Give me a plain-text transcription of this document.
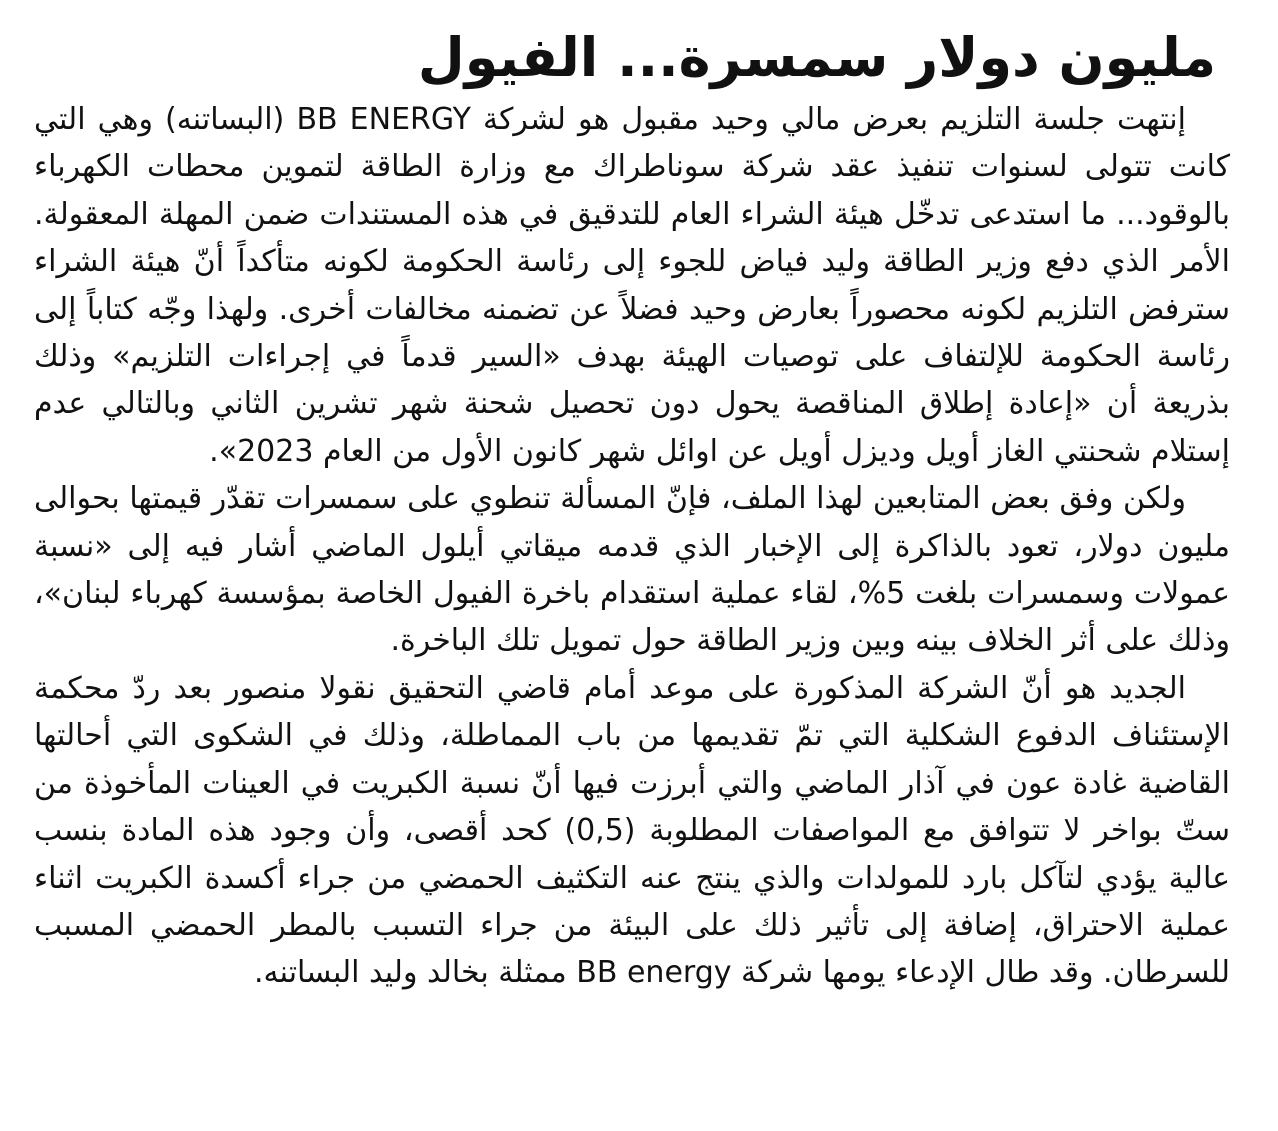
مليون دولار سمسرة... الفيول

إنتهت جلسة التلزيم بعرض مالي وحيد مقبول هو لشركة BB ENERGY (البساتنه) وهي التي كانت تتولى لسنوات تنفيذ عقد شركة سوناطراك مع وزارة الطاقة لتموين محطات الكهرباء بالوقود... ما استدعى تدخّل هيئة الشراء العام للتدقيق في هذه المستندات ضمن المهلة المعقولة. الأمر الذي دفع وزير الطاقة وليد فياض للجوء إلى رئاسة الحكومة لكونه متأكداً أنّ هيئة الشراء سترفض التلزيم لكونه محصوراً بعارض وحيد فضلاً عن تضمنه مخالفات أخرى. ولهذا وجّه كتاباً إلى رئاسة الحكومة للإلتفاف على توصيات الهيئة بهدف «السير قدماً في إجراءات التلزيم» وذلك بذريعة أن «إعادة إطلاق المناقصة يحول دون تحصيل شحنة شهر تشرين الثاني وبالتالي عدم إستلام شحنتي الغاز أويل وديزل أويل عن اوائل شهر كانون الأول من العام 2023».

ولكن وفق بعض المتابعين لهذا الملف، فإنّ المسألة تنطوي على سمسرات تقدّر قيمتها بحوالى مليون دولار، تعود بالذاكرة إلى الإخبار الذي قدمه ميقاتي أيلول الماضي أشار فيه إلى «نسبة عمولات وسمسرات بلغت 5%، لقاء عملية استقدام باخرة الفيول الخاصة بمؤسسة كهرباء لبنان»، وذلك على أثر الخلاف بينه وبين وزير الطاقة حول تمويل تلك الباخرة.

الجديد هو أنّ الشركة المذكورة على موعد أمام قاضي التحقيق نقولا منصور بعد ردّ محكمة الإستئناف الدفوع الشكلية التي تمّ تقديمها من باب المماطلة، وذلك في الشكوى التي أحالتها القاضية غادة عون في آذار الماضي والتي أبرزت فيها أنّ نسبة الكبريت في العينات المأخوذة من ستّ بواخر لا تتوافق مع المواصفات المطلوبة (0,5) كحد أقصى، وأن وجود هذه المادة بنسب عالية يؤدي لتآكل بارد للمولدات والذي ينتج عنه التكثيف الحمضي من جراء أكسدة الكبريت اثناء عملية الاحتراق، إضافة إلى تأثير ذلك على البيئة من جراء التسبب بالمطر الحمضي المسبب للسرطان. وقد طال الإدعاء يومها شركة BB energy ممثلة بخالد وليد البساتنه.
